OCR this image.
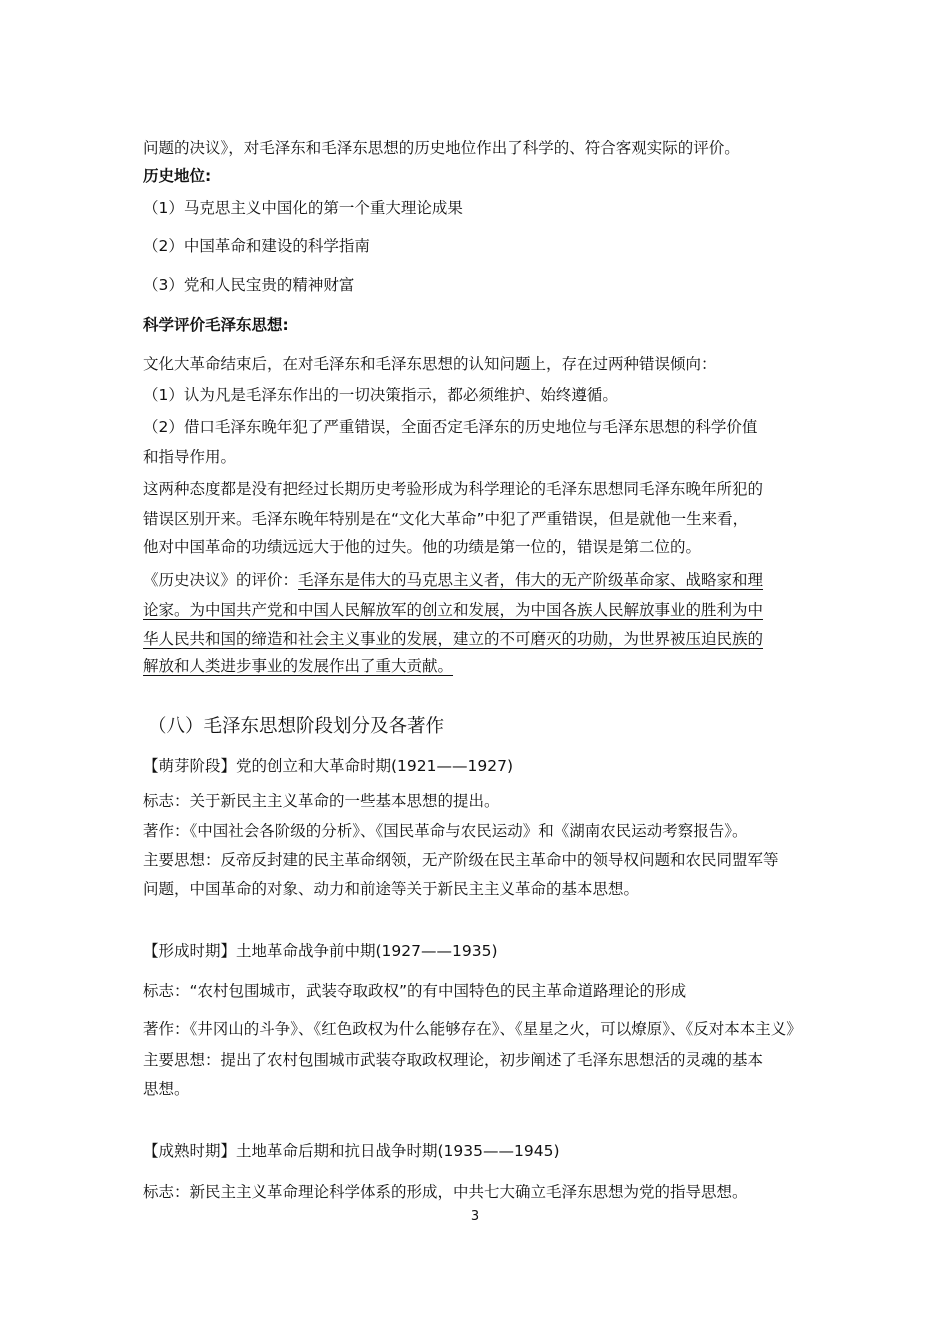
问题的决议》，对毛泽东和毛泽东思想的历史地位作出了科学的、符合客观实际的评价。
历史地位:
（1）马克思主义中国化的第一个重大理论成果
（2）中国革命和建设的科学指南
（3）党和人民宝贵的精神财富
科学评价毛泽东思想:
文化大革命结束后，在对毛泽东和毛泽东思想的认知问题上，存在过两种错误倾向：
（1）认为凡是毛泽东作出的一切决策指示，都必须维护、始终遵循。
（2）借口毛泽东晚年犯了严重错误，全面否定毛泽东的历史地位与毛泽东思想的科学价值
和指导作用。
这两种态度都是没有把经过长期历史考验形成为科学理论的毛泽东思想同毛泽东晚年所犯的
错误区别开来。毛泽东晚年特别是在“文化大革命”中犯了严重错误，但是就他一生来看，
他对中国革命的功绩远远大于他的过失。他的功绩是第一位的，错误是第二位的。
《历史决议》的评价：毛泽东是伟大的马克思主义者，伟大的无产阶级革命家、战略家和理
论家。为中国共产党和中国人民解放军的创立和发展，为中国各族人民解放事业的胜利为中
华人民共和国的缔造和社会主义事业的发展，建立的不可磨灭的功勋，为世界被压迫民族的
解放和人类进步事业的发展作出了重大贡献。
（八）毛泽东思想阶段划分及各著作
【萌芽阶段】党的创立和大革命时期(1921——1927)
标志：关于新民主主义革命的一些基本思想的提出。
著作：《中国社会各阶级的分析》、《国民革命与农民运动》和《湖南农民运动考察报告》。
主要思想：反帝反封建的民主革命纲领，无产阶级在民主革命中的领导权问题和农民同盟军等
问题，中国革命的对象、动力和前途等关于新民主主义革命的基本思想。
【形成时期】土地革命战争前中期(1927——1935)
标志：“农村包围城市，武装夺取政权”的有中国特色的民主革命道路理论的形成
著作：《井冈山的斗争》、《红色政权为什么能够存在》、《星星之火，可以燎原》、《反对本本主义》
主要思想：提出了农村包围城市武装夺取政权理论，初步阐述了毛泽东思想活的灵魂的基本
思想。
【成熟时期】土地革命后期和抗日战争时期(1935——1945)
标志：新民主主义革命理论科学体系的形成，中共七大确立毛泽东思想为党的指导思想。
3
